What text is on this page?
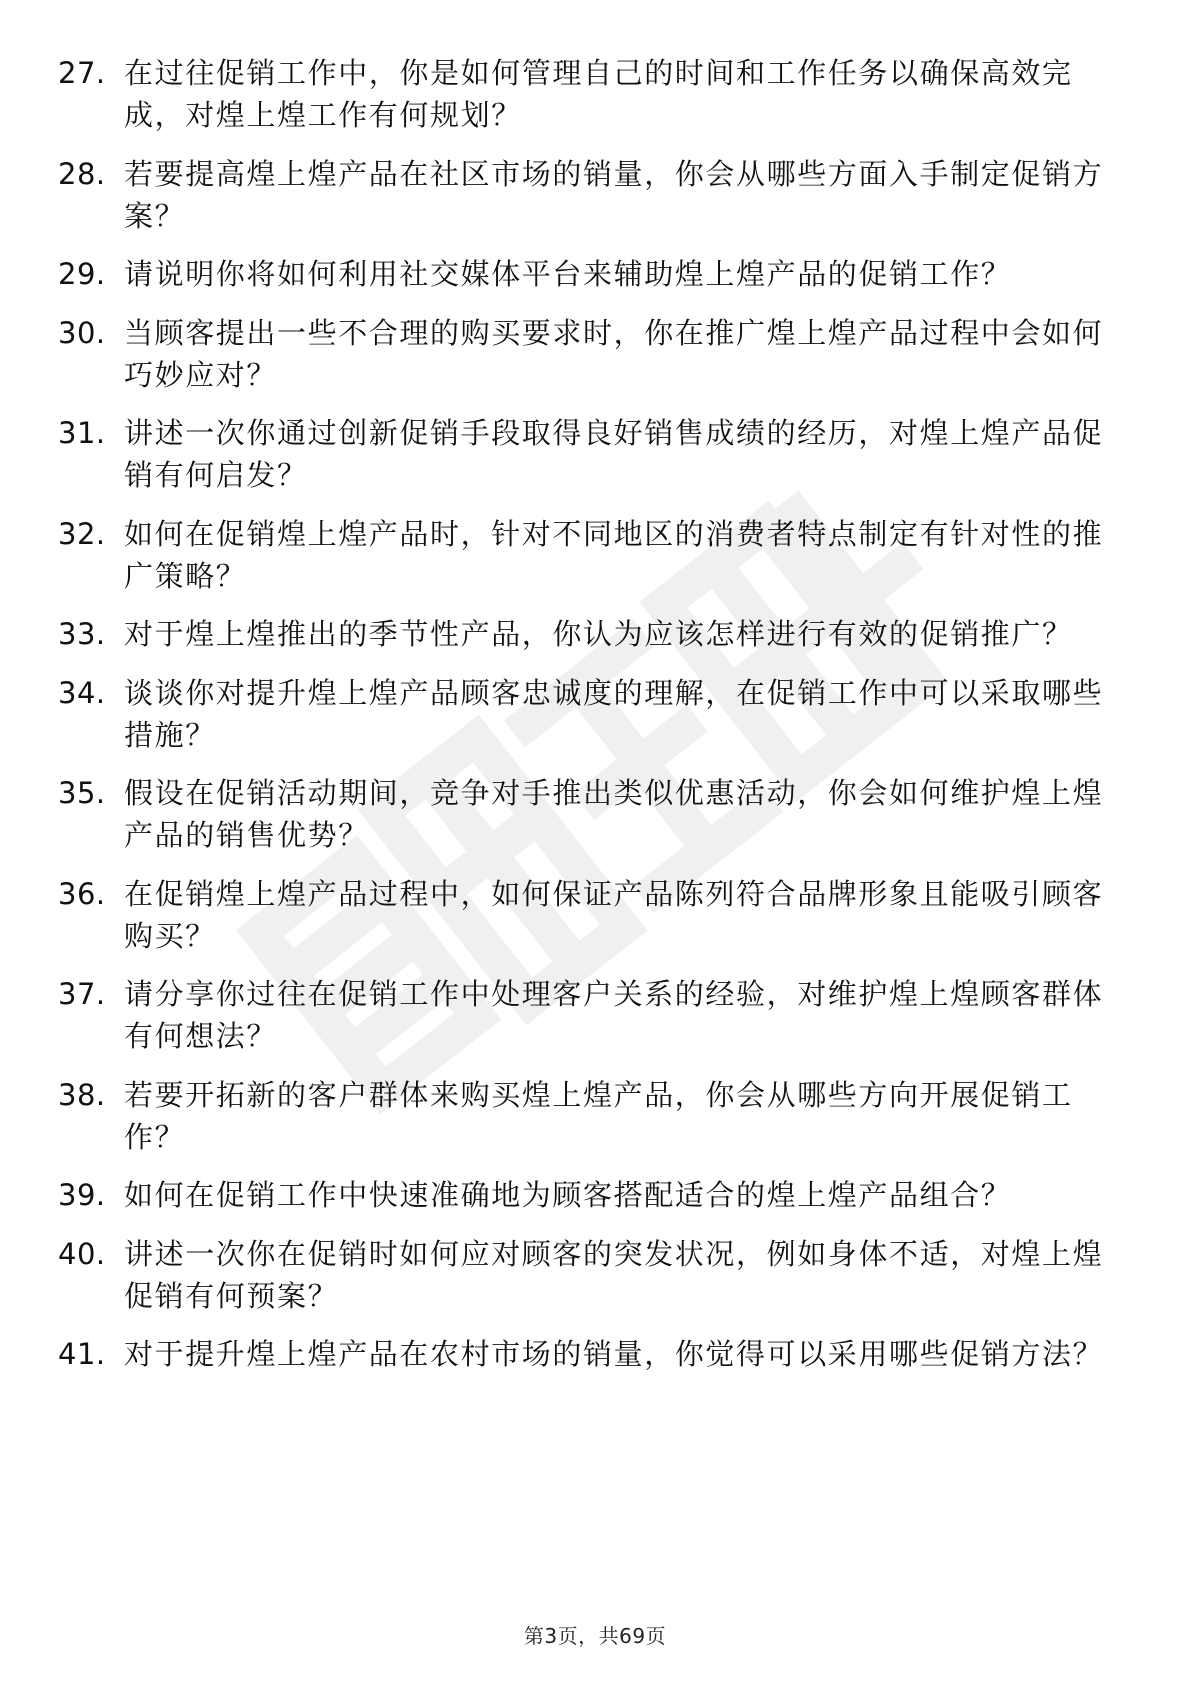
27. 在过往促销工作中，你是如何管理自己的时间和工作任务以确保高效完成，对煌上煌工作有何规划？
28. 若要提高煌上煌产品在社区市场的销量，你会从哪些方面入手制定促销方案？
29. 请说明你将如何利用社交媒体平台来辅助煌上煌产品的促销工作？
30. 当顾客提出一些不合理的购买要求时，你在推广煌上煌产品过程中会如何巧妙应对？
31. 讲述一次你通过创新促销手段取得良好销售成绩的经历，对煌上煌产品促销有何启发？
32. 如何在促销煌上煌产品时，针对不同地区的消费者特点制定有针对性的推广策略？
33. 对于煌上煌推出的季节性产品，你认为应该怎样进行有效的促销推广？
34. 谈谈你对提升煌上煌产品顾客忠诚度的理解，在促销工作中可以采取哪些措施？
35. 假设在促销活动期间，竞争对手推出类似优惠活动，你会如何维护煌上煌产品的销售优势？
36. 在促销煌上煌产品过程中，如何保证产品陈列符合品牌形象且能吸引顾客购买？
37. 请分享你过往在促销工作中处理客户关系的经验，对维护煌上煌顾客群体有何想法？
38. 若要开拓新的客户群体来购买煌上煌产品，你会从哪些方向开展促销工作？
39. 如何在促销工作中快速准确地为顾客搭配适合的煌上煌产品组合？
40. 讲述一次你在促销时如何应对顾客的突发状况，例如身体不适，对煌上煌促销有何预案？
41. 对于提升煌上煌产品在农村市场的销量，你觉得可以采用哪些促销方法？
第3页，共69页
